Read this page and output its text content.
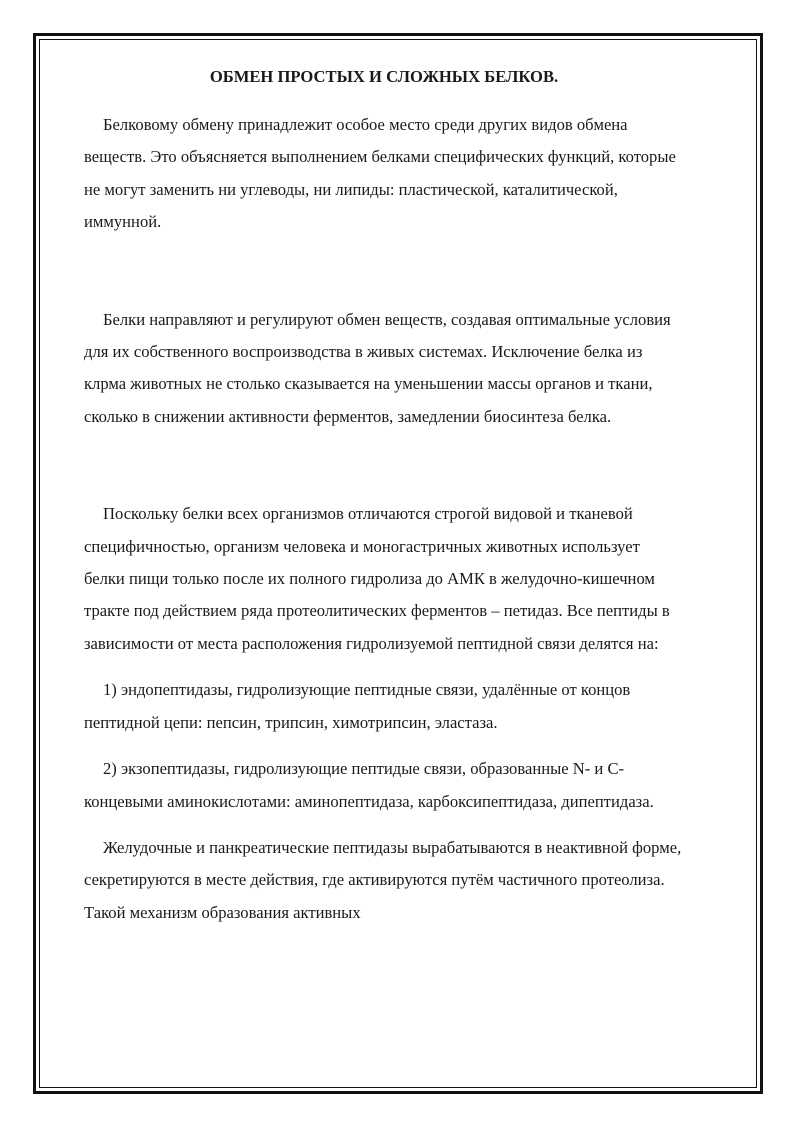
ОБМЕН ПРОСТЫХ И СЛОЖНЫХ БЕЛКОВ.

Белковому обмену принадлежит особое место среди других видов обмена веществ. Это объясняется выполнением белками специфических функций, которые не могут заменить ни углеводы, ни липиды: пластической, каталитической, иммунной.

Белки направляют и регулируют обмен веществ, создавая оптимальные условия для их собственного воспроизводства в живых системах. Исключение белка из клрма животных не столько сказывается на уменьшении массы органов и ткани, сколько в снижении активности ферментов, замедлении биосинтеза белка.

Поскольку белки всех организмов отличаются строгой видовой и тканевой специфичностью, организм человека и моногастричных животных использует белки пищи только после их полного гидролиза до АМК в желудочно-кишечном тракте под действием ряда протеолитических ферментов – петидаз. Все пептиды в зависимости от места расположения гидролизуемой пептидной связи делятся на:

1) эндопептидазы, гидролизующие пептидные связи, удалённые от концов пептидной цепи: пепсин, трипсин, химотрипсин, эластаза.

2) экзопептидазы, гидролизующие пептидые связи, образованные N- и С-концевыми аминокислотами: аминопептидаза, карбоксипептидаза, дипептидаза.

Желудочные и панкреатические пептидазы вырабатываются в неактивной форме, секретируются в месте действия, где активируются путём частичного протеолиза. Такой механизм образования активных
